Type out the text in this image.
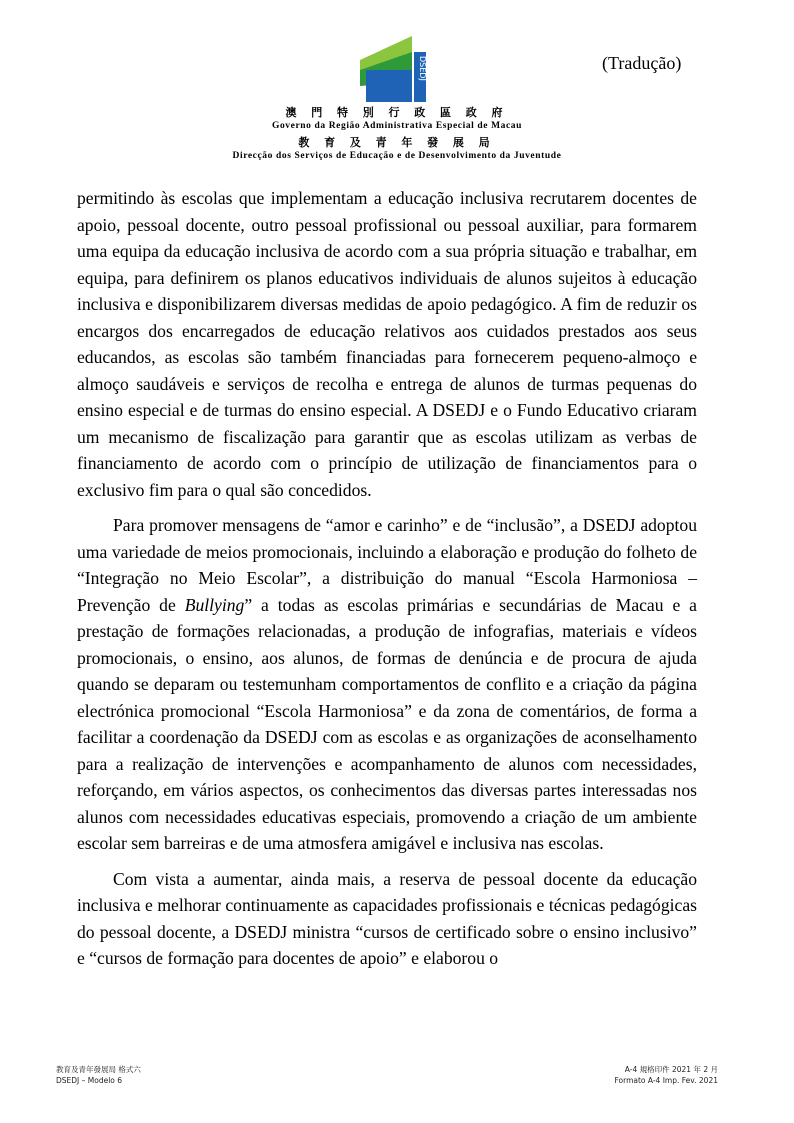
DSEDJ	(Tradução)
澳 門 特 別 行 政 區 政 府
Governo da Região Administrativa Especial de Macau
教 育 及 青 年 發 展 局
Direcção dos Serviços de Educação e de Desenvolvimento da Juventude

permitindo às escolas que implementam a educação inclusiva recrutarem docentes de apoio, pessoal docente, outro pessoal profissional ou pessoal auxiliar, para formarem uma equipa da educação inclusiva de acordo com a sua própria situação e trabalhar, em equipa, para definirem os planos educativos individuais de alunos sujeitos à educação inclusiva e disponibilizarem diversas medidas de apoio pedagógico. A fim de reduzir os encargos dos encarregados de educação relativos aos cuidados prestados aos seus educandos, as escolas são também financiadas para fornecerem pequeno-almoço e almoço saudáveis e serviços de recolha e entrega de alunos de turmas pequenas do ensino especial e de turmas do ensino especial. A DSEDJ e o Fundo Educativo criaram um mecanismo de fiscalização para garantir que as escolas utilizam as verbas de financiamento de acordo com o princípio de utilização de financiamentos para o exclusivo fim para o qual são concedidos.

Para promover mensagens de “amor e carinho” e de “inclusão”, a DSEDJ adoptou uma variedade de meios promocionais, incluindo a elaboração e produção do folheto de “Integração no Meio Escolar”, a distribuição do manual “Escola Harmoniosa – Prevenção de Bullying” a todas as escolas primárias e secundárias de Macau e a prestação de formações relacionadas, a produção de infografias, materiais e vídeos promocionais, o ensino, aos alunos, de formas de denúncia e de procura de ajuda quando se deparam ou testemunham comportamentos de conflito e a criação da página electrónica promocional “Escola Harmoniosa” e da zona de comentários, de forma a facilitar a coordenação da DSEDJ com as escolas e as organizações de aconselhamento para a realização de intervenções e acompanhamento de alunos com necessidades, reforçando, em vários aspectos, os conhecimentos das diversas partes interessadas nos alunos com necessidades educativas especiais, promovendo a criação de um ambiente escolar sem barreiras e de uma atmosfera amigável e inclusiva nas escolas.

Com vista a aumentar, ainda mais, a reserva de pessoal docente da educação inclusiva e melhorar continuamente as capacidades profissionais e técnicas pedagógicas do pessoal docente, a DSEDJ ministra “cursos de certificado sobre o ensino inclusivo” e “cursos de formação para docentes de apoio” e elaborou o

教育及青年發展局 格式六
DSEDJ – Modelo 6
A-4 規格印件 2021 年 2 月
Formato A-4 Imp. Fev. 2021
